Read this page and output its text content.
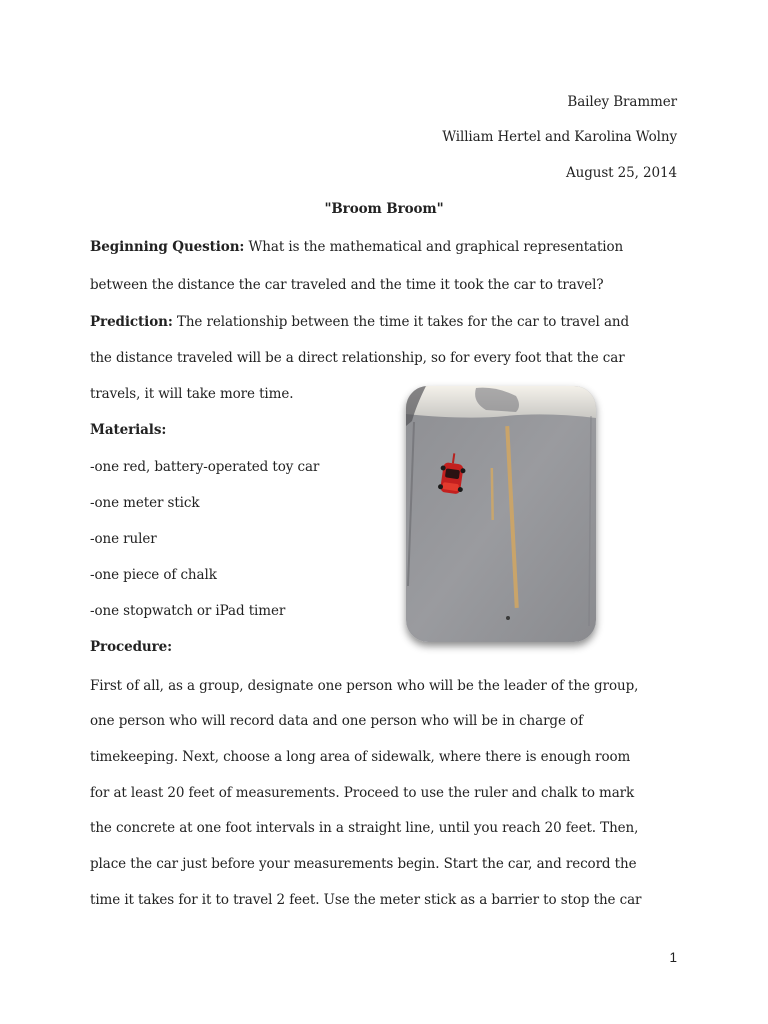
Bailey Brammer
William Hertel and Karolina Wolny
August 25, 2014
"Broom Broom"
Beginning Question: What is the mathematical and graphical representation
between the distance the car traveled and the time it took the car to travel?
Prediction: The relationship between the time it takes for the car to travel and
the distance traveled will be a direct relationship, so for every foot that the car
travels, it will take more time.
Materials:
-one red, battery-operated toy car
-one meter stick
-one ruler
-one piece of chalk
-one stopwatch or iPad timer
Procedure:
First of all, as a group, designate one person who will be the leader of the group,
one person who will record data and one person who will be in charge of
timekeeping. Next, choose a long area of sidewalk, where there is enough room
for at least 20 feet of measurements. Proceed to use the ruler and chalk to mark
the concrete at one foot intervals in a straight line, until you reach 20 feet. Then,
place the car just before your measurements begin. Start the car, and record the
time it takes for it to travel 2 feet. Use the meter stick as a barrier to stop the car
1
